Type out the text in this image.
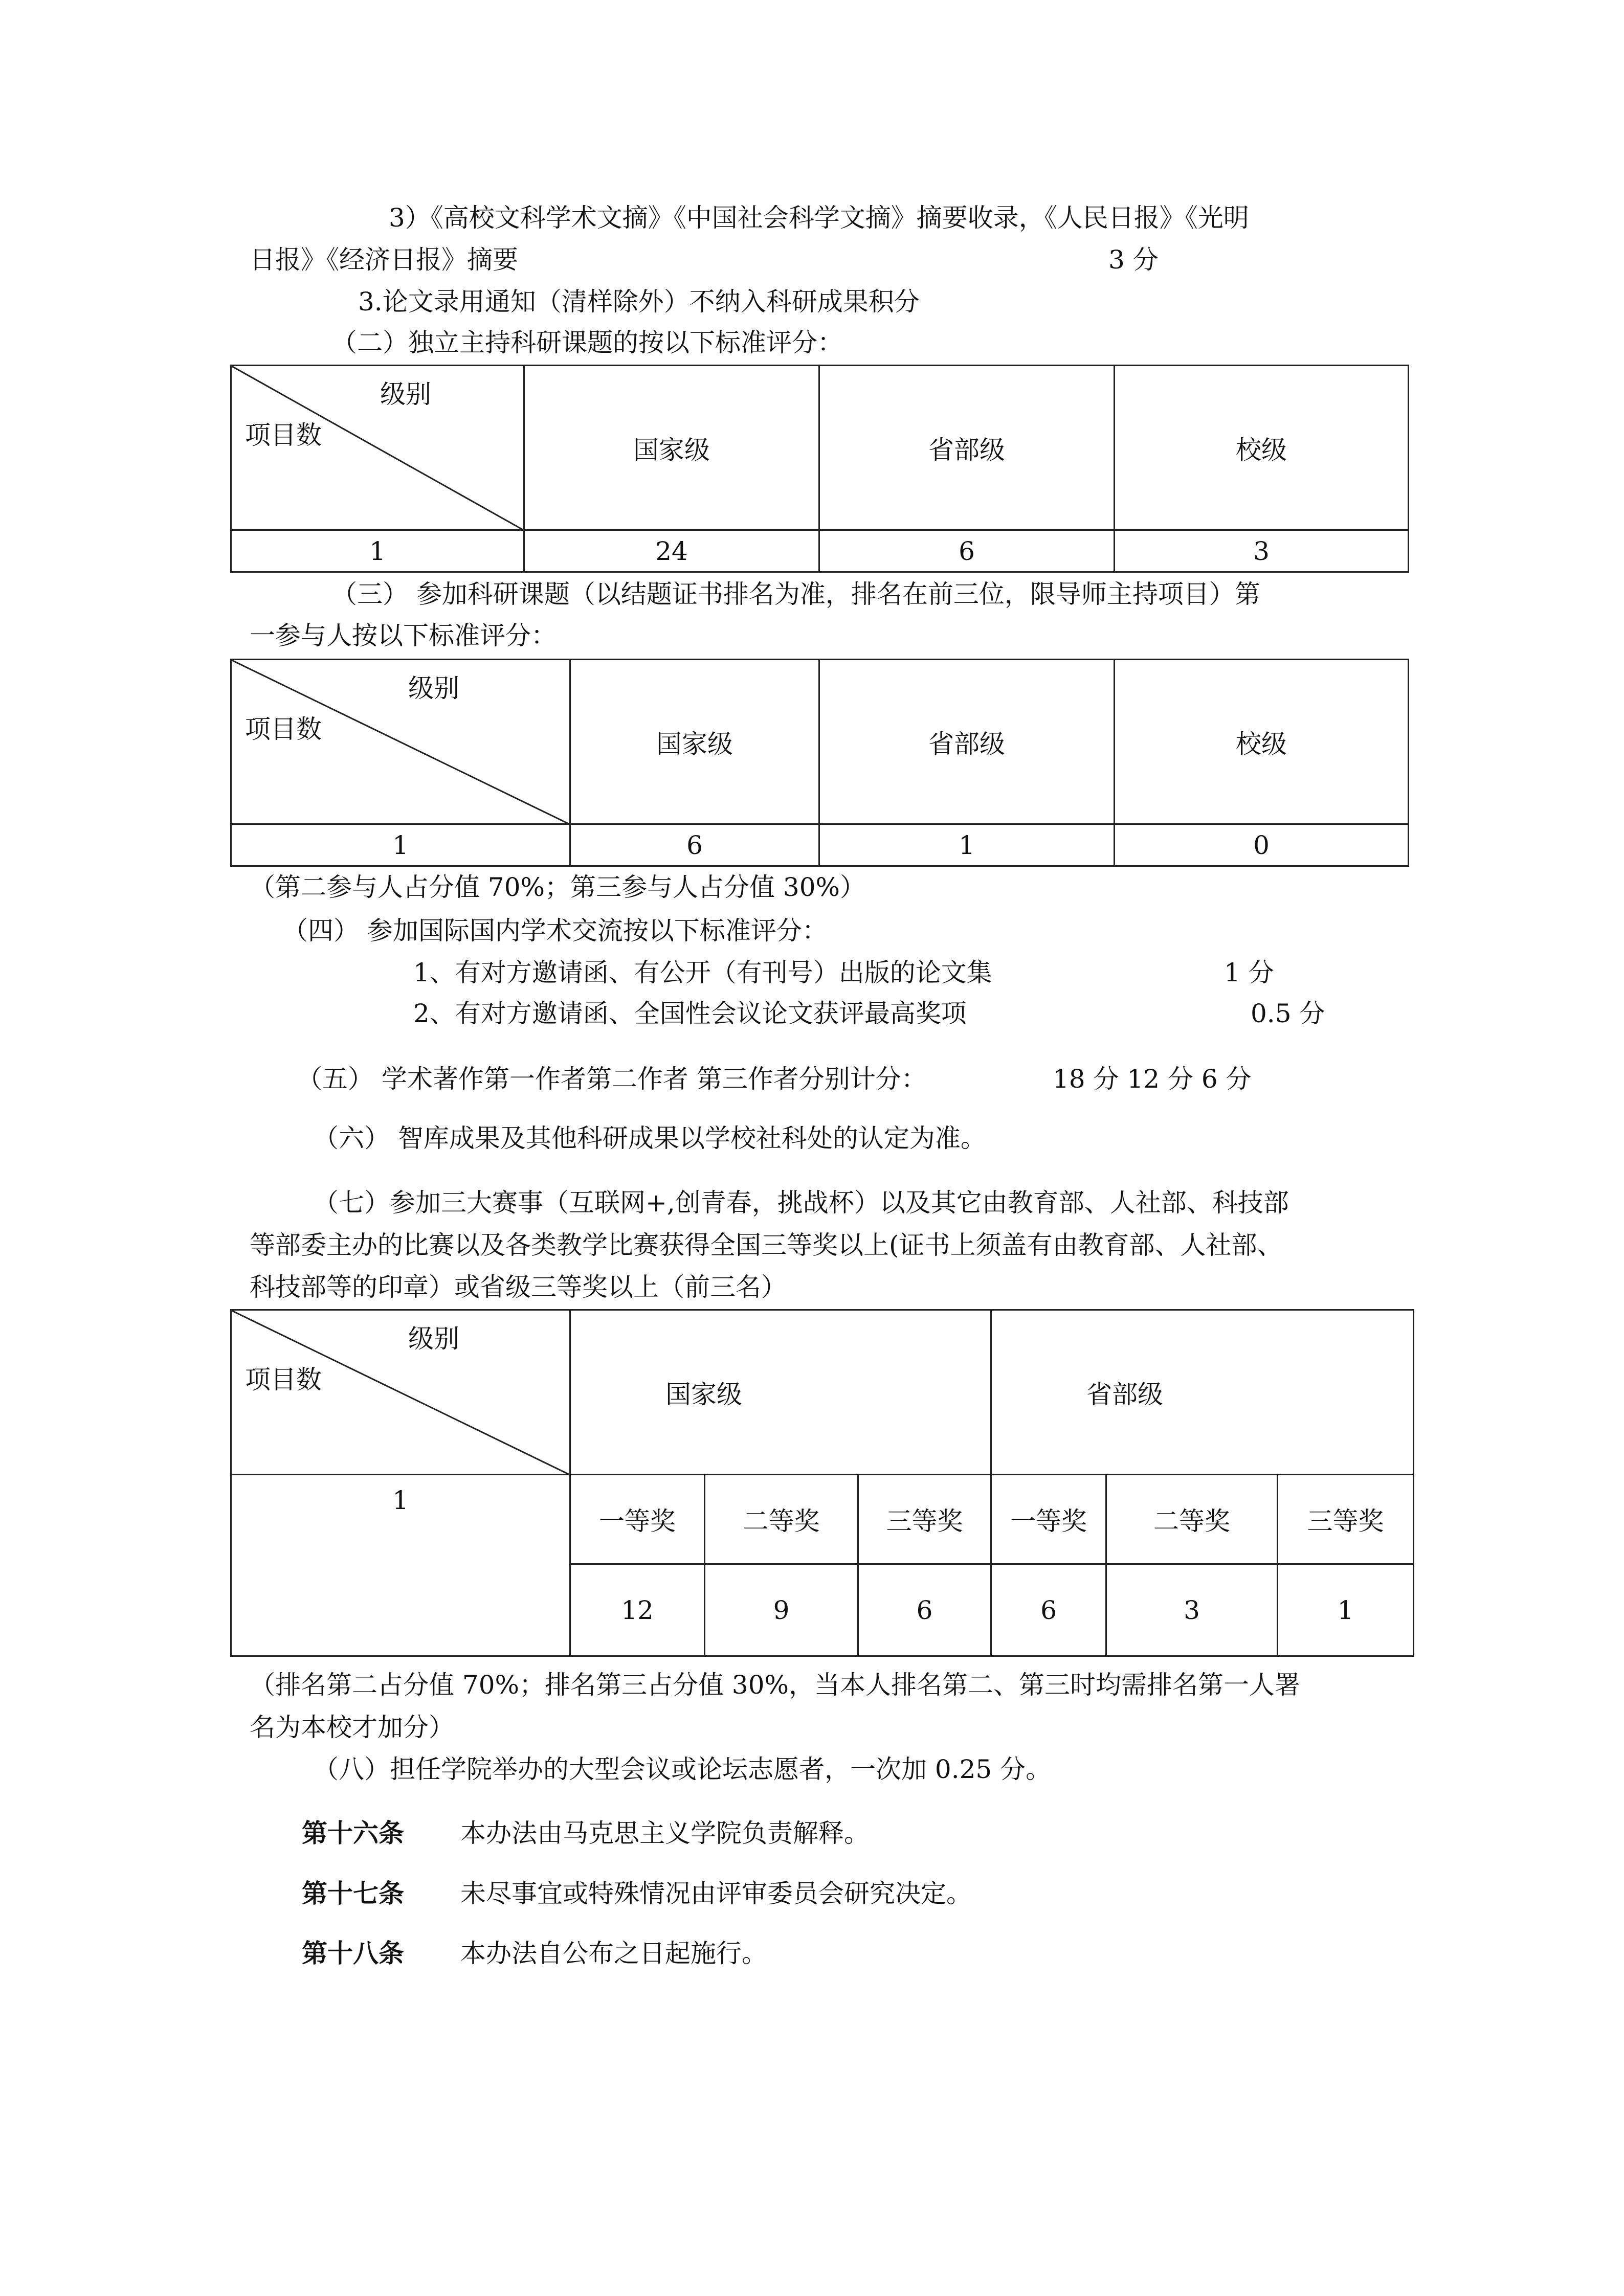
3）《高校文科学术文摘》《中国社会科学文摘》摘要收录，《人民日报》《光明
日报》《经济日报》摘要	3 分
3.论文录用通知（清样除外）不纳入科研成果积分
（二）独立主持科研课题的按以下标准评分：
级别
项目数	国家级	省部级	校级
1	24	6	3
（三） 参加科研课题（以结题证书排名为准，排名在前三位，限导师主持项目）第
一参与人按以下标准评分：
级别
项目数	国家级	省部级	校级
1	6	1	0
（第二参与人占分值 70%；第三参与人占分值 30%）
（四） 参加国际国内学术交流按以下标准评分：
1、有对方邀请函、有公开（有刊号）出版的论文集	1 分
2、有对方邀请函、全国性会议论文获评最高奖项	0.5 分
（五） 学术著作第一作者第二作者 第三作者分别计分：	18 分 12 分 6 分
（六） 智库成果及其他科研成果以学校社科处的认定为准。
（七）参加三大赛事（互联网+,创青春，挑战杯）以及其它由教育部、人社部、科技部
等部委主办的比赛以及各类教学比赛获得全国三等奖以上(证书上须盖有由教育部、人社部、
科技部等的印章）或省级三等奖以上（前三名）
级别
项目数	国家级			省部级		
1	一等奖	二等奖	三等奖	一等奖	二等奖	三等奖
	12	9	6	6	3	1
（排名第二占分值 70%；排名第三占分值 30%，当本人排名第二、第三时均需排名第一人署
名为本校才加分）
（八）担任学院举办的大型会议或论坛志愿者，一次加 0.25 分。
第十六条 本办法由马克思主义学院负责解释。
第十七条 未尽事宜或特殊情况由评审委员会研究决定。
第十八条 本办法自公布之日起施行。
